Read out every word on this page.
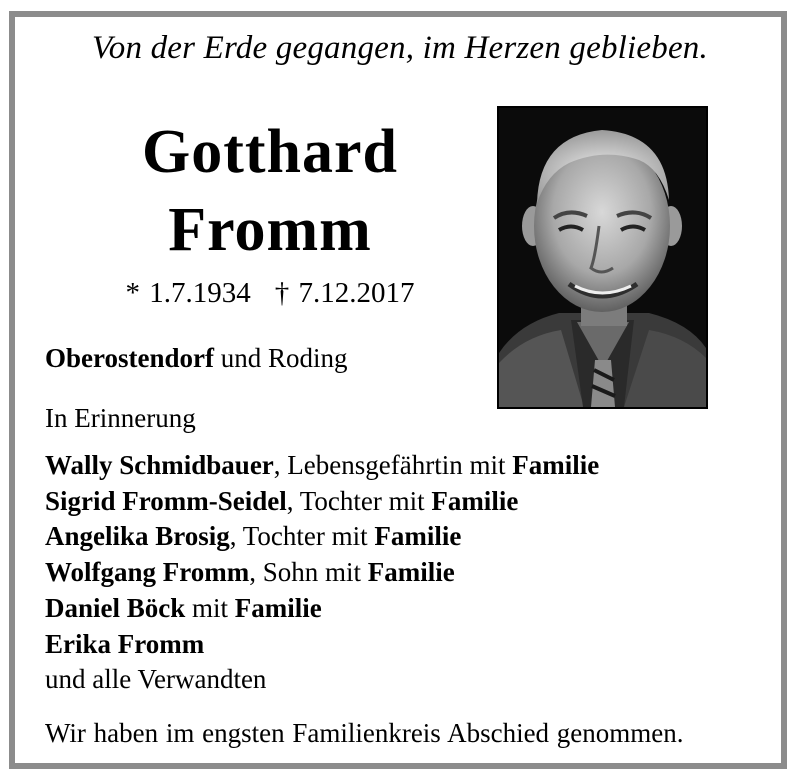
Von der Erde gegangen, im Herzen geblieben.
Gotthard
Fromm
* 1.7.1934 † 7.12.2017
Oberostendorf und Roding
In Erinnerung
Wally Schmidbauer, Lebensgefährtin mit Familie
Sigrid Fromm-Seidel, Tochter mit Familie
Angelika Brosig, Tochter mit Familie
Wolfgang Fromm, Sohn mit Familie
Daniel Böck mit Familie
Erika Fromm
und alle Verwandten
Wir haben im engsten Familienkreis Abschied genommen.
